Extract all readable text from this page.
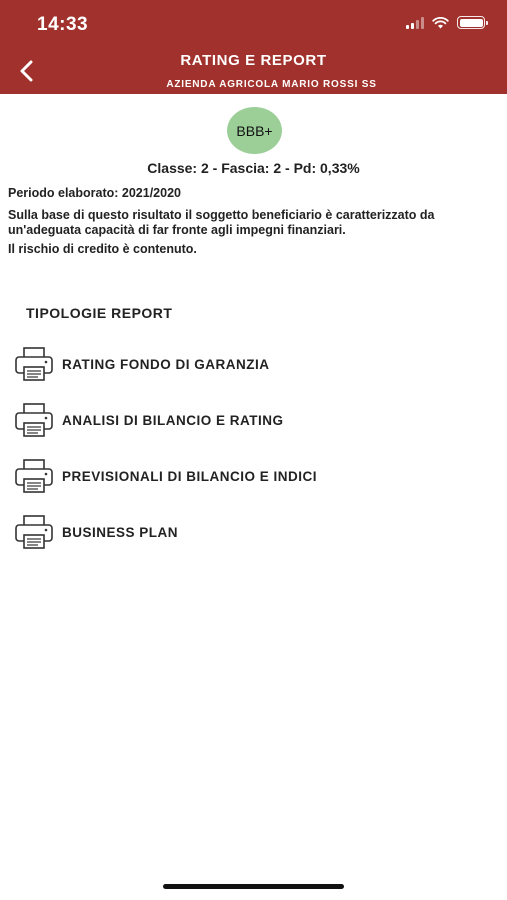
14:33
RATING E REPORT
AZIENDA AGRICOLA MARIO ROSSI SS
BBB+
Classe: 2 - Fascia: 2 - Pd: 0,33%
Periodo elaborato: 2021/2020
Sulla base di questo risultato il soggetto beneficiario è caratterizzato da un'adeguata capacità di far fronte agli impegni finanziari.
Il rischio di credito è contenuto.
TIPOLOGIE REPORT
RATING FONDO DI GARANZIA
ANALISI DI BILANCIO E RATING
PREVISIONALI DI BILANCIO E INDICI
BUSINESS PLAN
